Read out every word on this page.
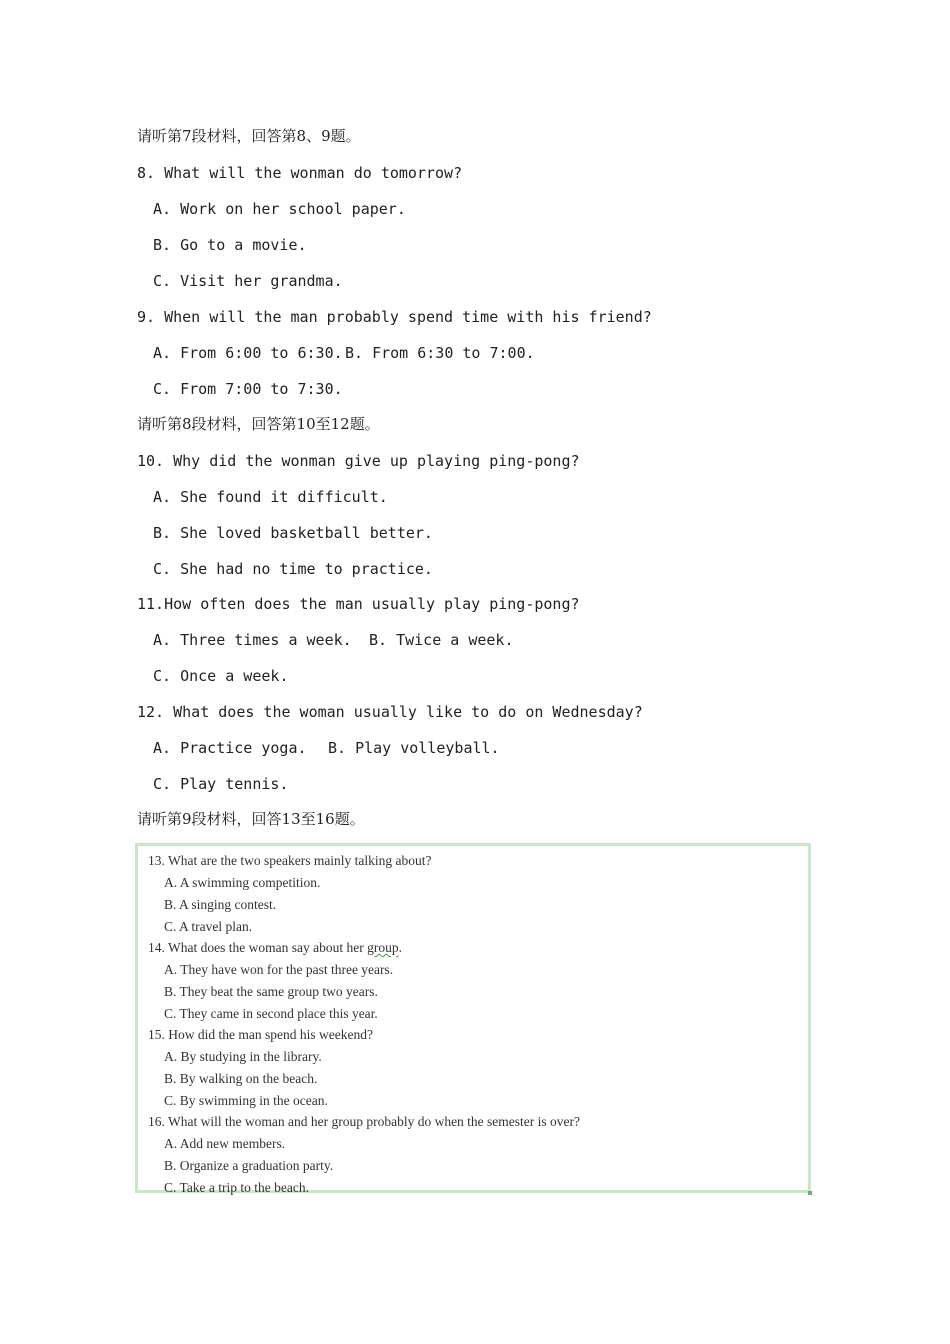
请听第7段材料，回答第8、9题。
8. What will the wonman do tomorrow?
A. Work on her school paper.
B. Go to a movie.
C. Visit her grandma.
9. When will the man probably spend time with his friend?
A. From 6:00 to 6:30. B. From 6:30 to 7:00.
C. From 7:00 to 7:30.
请听第8段材料，回答第10至12题。
10. Why did the wonman give up playing ping-pong?
A. She found it difficult.
B. She loved basketball better.
C. She had no time to practice.
11.How often does the man usually play ping-pong?
A. Three times a week. B. Twice a week.
C. Once a week.
12. What does the woman usually like to do on Wednesday?
A. Practice yoga. B. Play volleyball.
C. Play tennis.
请听第9段材料，回答13至16题。
13. What are the two speakers mainly talking about?
A. A swimming competition.
B. A singing contest.
C. A travel plan.
14. What does the woman say about her group.
A. They have won for the past three years.
B. They beat the same group two years.
C. They came in second place this year.
15. How did the man spend his weekend?
A. By studying in the library.
B. By walking on the beach.
C. By swimming in the ocean.
16. What will the woman and her group probably do when the semester is over?
A. Add new members.
B. Organize a graduation party.
C. Take a trip to the beach.
